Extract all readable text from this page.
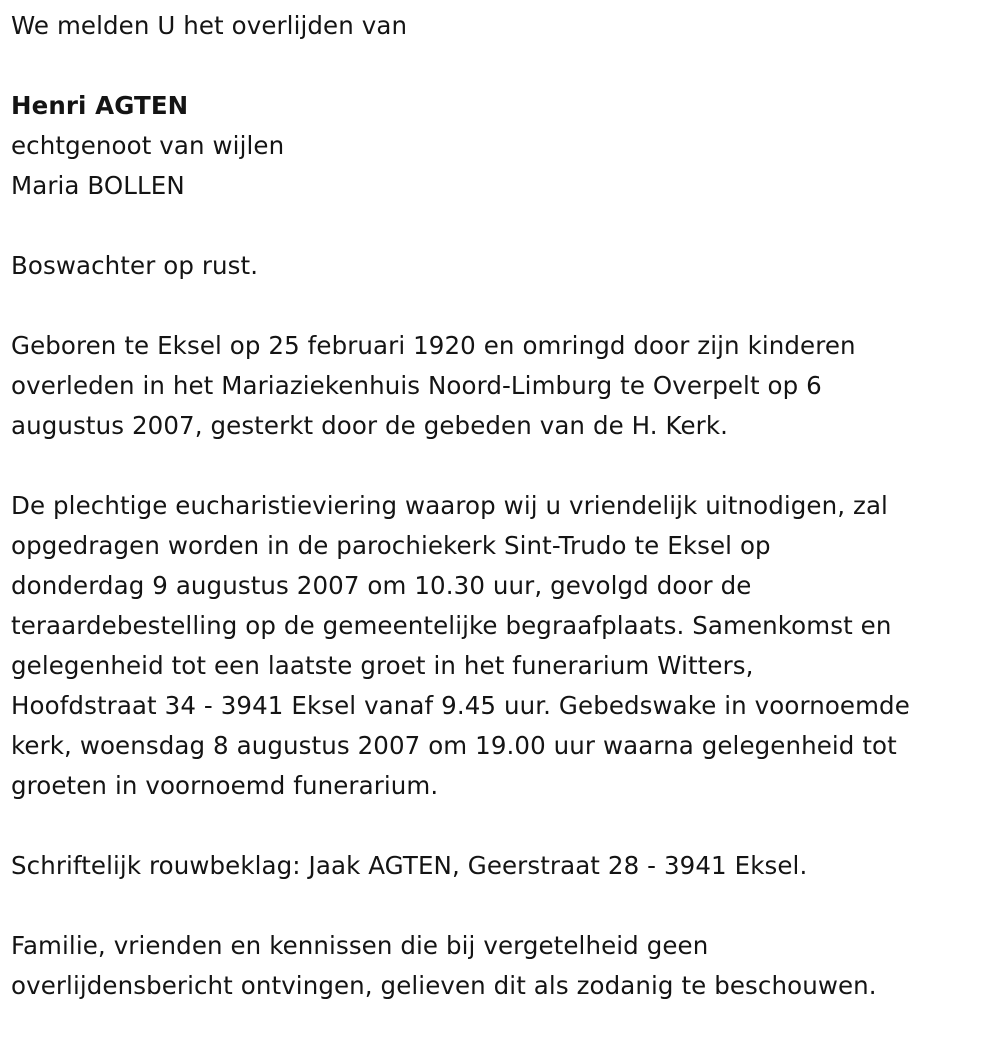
We melden U het overlijden van

Henri AGTEN

echtgenoot van wijlen

Maria BOLLEN

Boswachter op rust.

Geboren te Eksel op 25 februari 1920 en omringd door zijn kinderen

overleden in het Mariaziekenhuis Noord-Limburg te Overpelt op 6

augustus 2007, gesterkt door de gebeden van de H. Kerk.

De plechtige eucharistieviering waarop wij u vriendelijk uitnodigen, zal

opgedragen worden in de parochiekerk Sint-Trudo te Eksel op

donderdag 9 augustus 2007 om 10.30 uur, gevolgd door de

teraardebestelling op de gemeentelijke begraafplaats. Samenkomst en

gelegenheid tot een laatste groet in het funerarium Witters,

Hoofdstraat 34 - 3941 Eksel vanaf 9.45 uur. Gebedswake in voornoemde

kerk, woensdag 8 augustus 2007 om 19.00 uur waarna gelegenheid tot

groeten in voornoemd funerarium.

Schriftelijk rouwbeklag: Jaak AGTEN, Geerstraat 28 - 3941 Eksel.

Familie, vrienden en kennissen die bij vergetelheid geen

overlijdensbericht ontvingen, gelieven dit als zodanig te beschouwen.
